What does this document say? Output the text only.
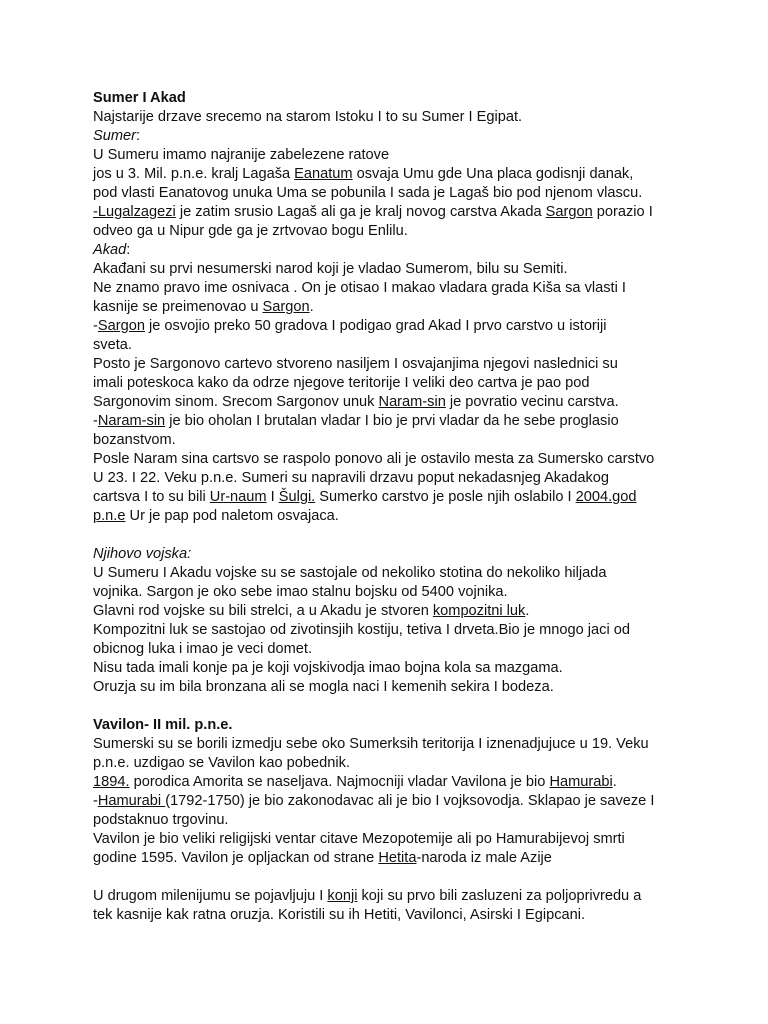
Sumer I Akad
Najstarije drzave srecemo na starom Istoku I to su Sumer I Egipat.
Sumer:
U Sumeru imamo najranije zabelezene ratove
jos u 3. Mil. p.n.e. kralj Lagaša Eanatum osvaja Umu gde Una placa godisnji danak,
pod vlasti Eanatovog unuka Uma se pobunila I sada je Lagaš bio pod njenom vlascu.
-Lugalzagezi je zatim srusio Lagaš ali ga je kralj novog carstva Akada Sargon porazio I
odveo ga u Nipur gde ga je zrtvovao bogu Enlilu.
Akad:
Akađani su prvi nesumerski narod koji je vladao Sumerom, bilu su Semiti.
Ne znamo pravo ime osnivaca . On je otisao I makao vladara grada Kiša sa vlasti I
kasnije se preimenovao u Sargon.
-Sargon je osvojio preko 50 gradova I podigao grad Akad I prvo carstvo u istoriji
sveta.
Posto je Sargonovo cartevo stvoreno nasiljem I osvajanjima njegovi naslednici su
imali poteskoca kako da odrze njegove teritorije I veliki deo cartva je pao pod
Sargonovim sinom. Srecom Sargonov unuk Naram-sin je povratio vecinu carstva.
-Naram-sin je bio oholan I brutalan vladar I bio je prvi vladar da he sebe proglasio
bozanstvom.
Posle Naram sina cartsvo se raspolo ponovo ali je ostavilo mesta za Sumersko carstvo
U 23. I 22. Veku p.n.e. Sumeri su napravili drzavu poput nekadasnjeg Akadakog
cartsva I to su bili Ur-naum I Šulgi. Sumerko carstvo je posle njih oslabilo I 2004.god
p.n.e Ur je pap pod naletom osvajaca.
Njihovo vojska:
U Sumeru I Akadu vojske su se sastojale od nekoliko stotina do nekoliko hiljada
vojnika. Sargon je oko sebe imao stalnu bojsku od 5400 vojnika.
Glavni rod vojske su bili strelci, a u Akadu je stvoren kompozitni luk.
Kompozitni luk se sastojao od zivotinsjih kostiju, tetiva I drveta.Bio je mnogo jaci od
obicnog luka i imao je veci domet.
Nisu tada imali konje pa je koji vojskivodja imao bojna kola sa mazgama.
Oruzja su im bila bronzana ali se mogla naci I kemenih sekira I bodeza.
Vavilon- II mil. p.n.e.
Sumerski su se borili izmedju sebe oko Sumerksih teritorija I iznenadjujuce u 19. Veku
p.n.e. uzdigao se Vavilon kao pobednik.
1894. porodica Amorita se naseljava. Najmocniji vladar Vavilona je bio Hamurabi.
-Hamurabi (1792-1750) je bio zakonodavac ali je bio I vojksovodja. Sklapao je saveze I
podstaknuo trgovinu.
Vavilon je bio veliki religijski ventar citave Mezopotemije ali po Hamurabijevoj smrti
godine 1595. Vavilon je opljackan od strane Hetita-naroda iz male Azije
U drugom milenijumu se pojavljuju I konji koji su prvo bili zasluzeni za poljoprivredu a
tek kasnije kak ratna oruzja. Koristili su ih Hetiti, Vavilonci, Asirski I Egipcani.
